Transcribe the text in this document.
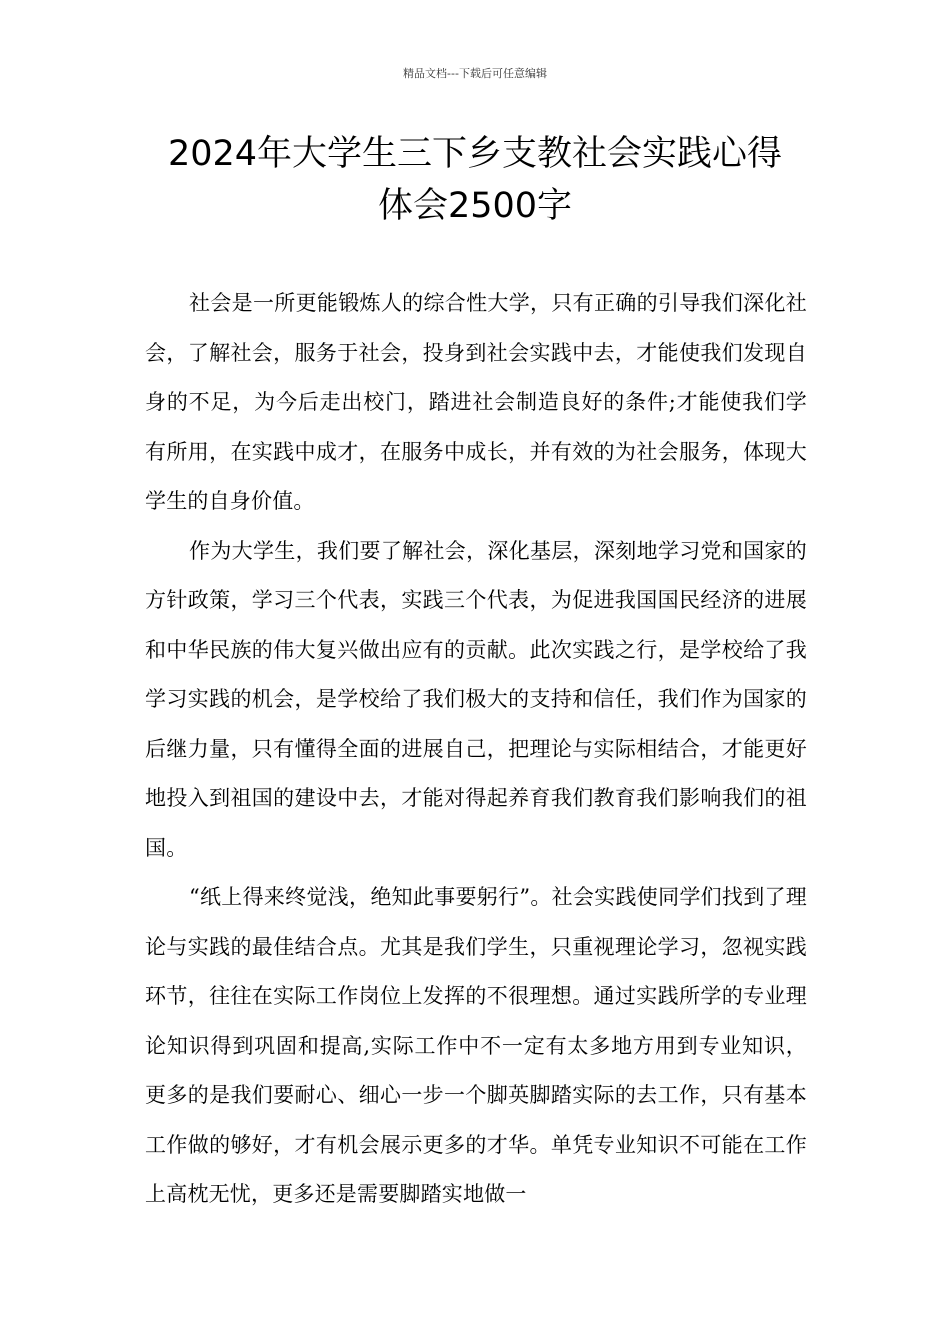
精品文档---下载后可任意编辑
2024年大学生三下乡支教社会实践心得
体会2500字

社会是一所更能锻炼人的综合性大学，只有正确的引导我们深化社会，了解社会，服务于社会，投身到社会实践中去，才能使我们发现自身的不足，为今后走出校门，踏进社会制造良好的条件;才能使我们学有所用，在实践中成才，在服务中成长，并有效的为社会服务，体现大学生的自身价值。

作为大学生，我们要了解社会，深化基层，深刻地学习党和国家的方针政策，学习三个代表，实践三个代表，为促进我国国民经济的进展和中华民族的伟大复兴做出应有的贡献。此次实践之行，是学校给了我学习实践的机会，是学校给了我们极大的支持和信任，我们作为国家的后继力量，只有懂得全面的进展自己，把理论与实际相结合，才能更好地投入到祖国的建设中去，才能对得起养育我们教育我们影响我们的祖国。

“纸上得来终觉浅，绝知此事要躬行”。社会实践使同学们找到了理论与实践的最佳结合点。尤其是我们学生，只重视理论学习，忽视实践环节，往往在实际工作岗位上发挥的不很理想。通过实践所学的专业理论知识得到巩固和提高,实际工作中不一定有太多地方用到专业知识，更多的是我们要耐心、细心一步一个脚英脚踏实际的去工作，只有基本工作做的够好，才有机会展示更多的才华。单凭专业知识不可能在工作上高枕无忧，更多还是需要脚踏实地做一
